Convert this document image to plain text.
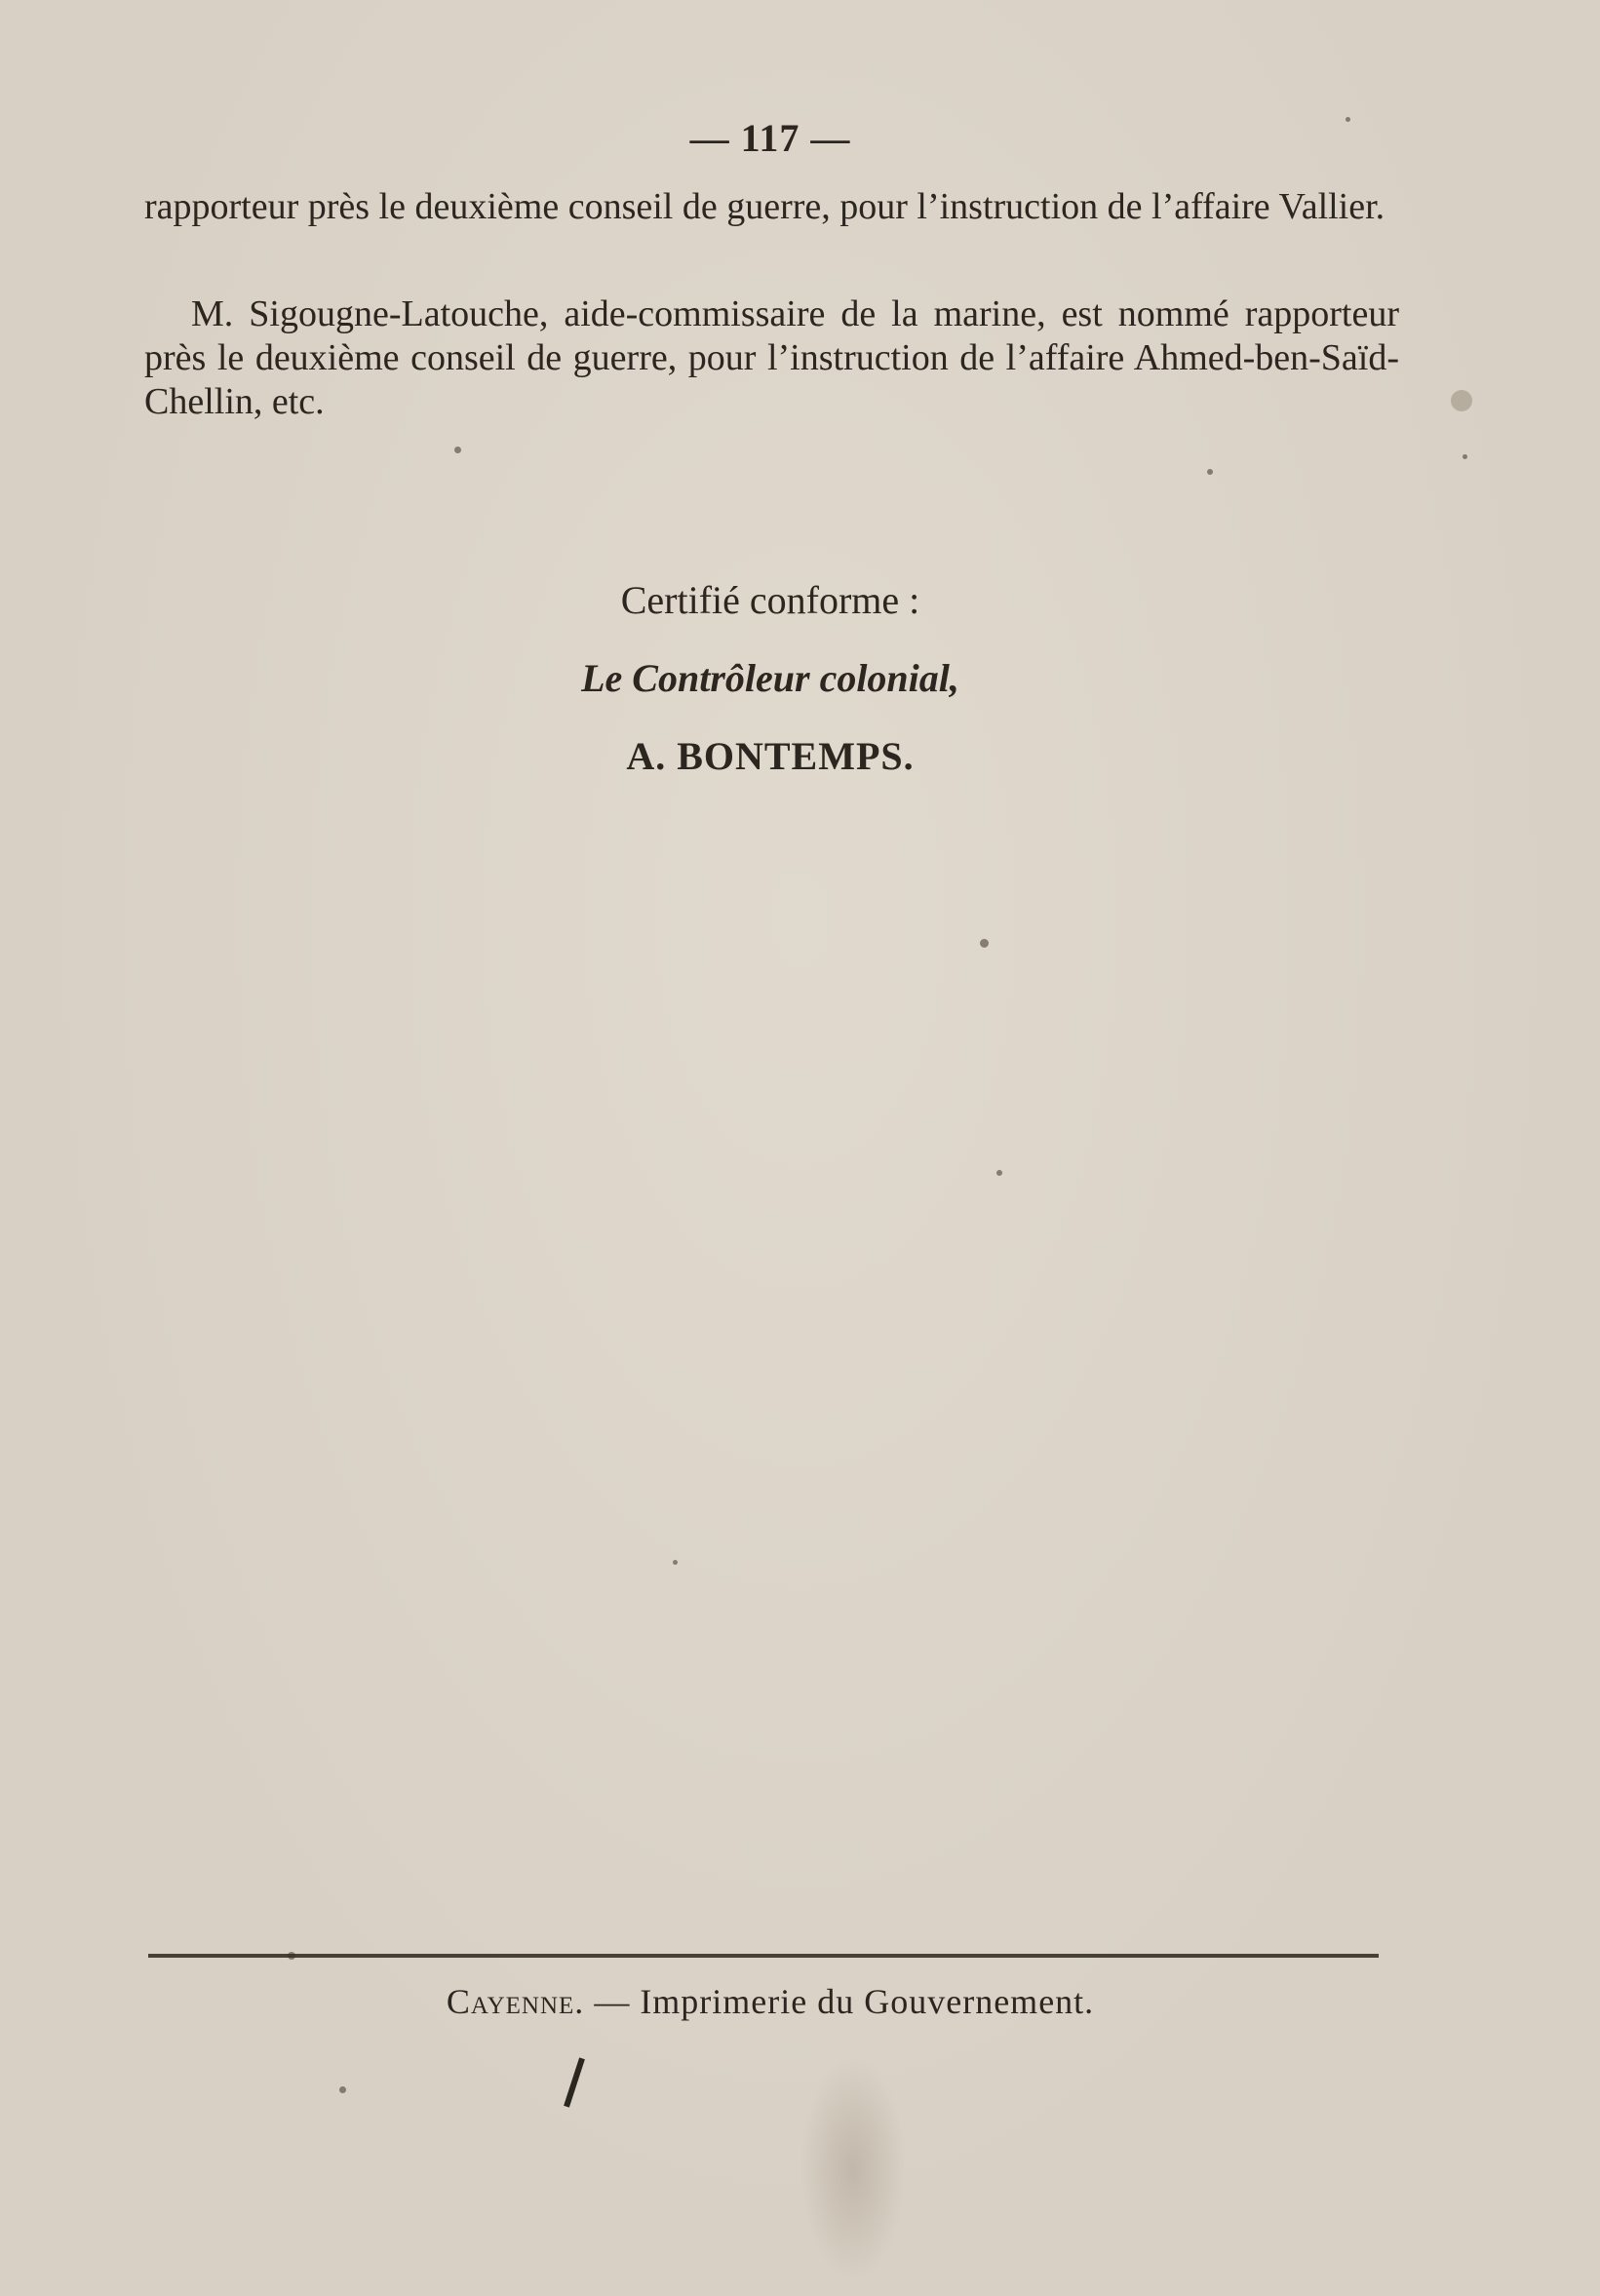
— 117 —
rapporteur près le deuxième conseil de guerre, pour l’instruction de l’affaire Vallier.
M. Sigougne-Latouche, aide-commissaire de la marine, est nommé rapporteur près le deuxième conseil de guerre, pour l’instruction de l’affaire Ahmed-ben-Saïd-Chellin, etc.
Certifié conforme :
Le Contrôleur colonial,
A. BONTEMPS.
Cayenne. — Imprimerie du Gouvernement.
